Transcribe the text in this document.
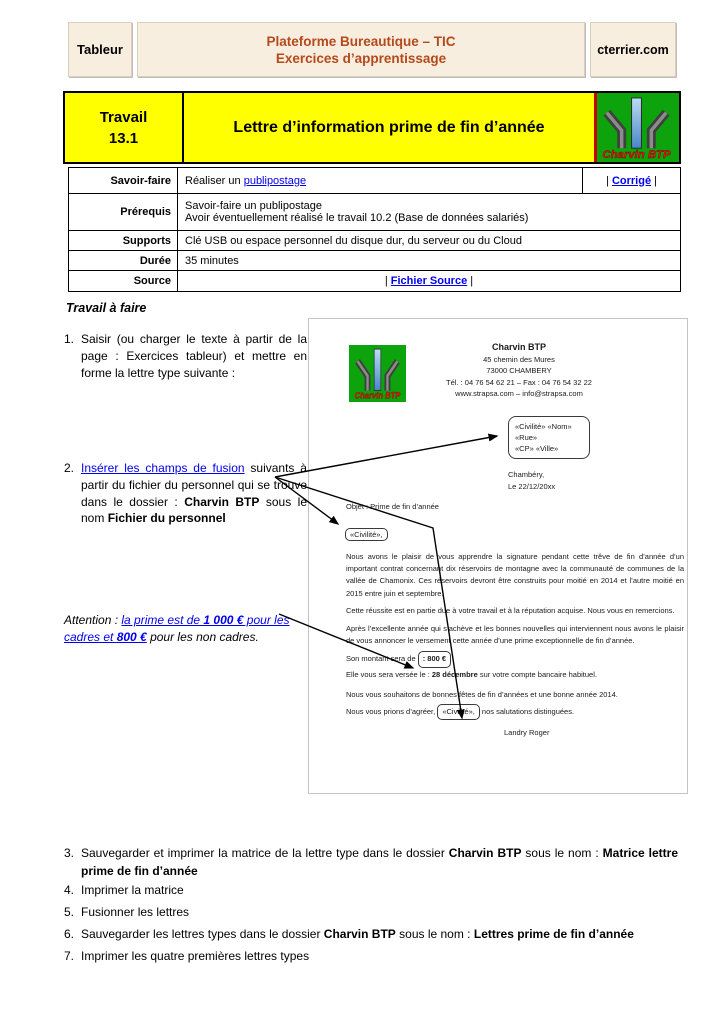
Tableur
Plateforme Bureautique – TIC
Exercices d’apprentissage
cterrier.com
Travail
13.1
Lettre d’information prime de fin d’année
Charvin BTP
Savoir-faire	Réaliser un publipostage	| Corrigé |
Prérequis	Savoir-faire un publipostage
Avoir éventuellement réalisé le travail 10.2 (Base de données salariés)	

Supports	Clé USB ou espace personnel du disque dur, du serveur ou du Cloud	
Durée	35 minutes	
Source	| Fichier Source |	
Travail à faire
1. Saisir (ou charger le texte à partir de la page : Exercices tableur) et mettre en forme la lettre type suivante :
2. Insérer les champs de fusion suivants à partir du fichier du personnel qui se trouve dans le dossier : Charvin BTP sous le nom Fichier du personnel
Attention : la prime est de 1 000 € pour les cadres et 800 € pour les non cadres.
Charvin BTP
Charvin BTP
45 chemin des Mures
73000 CHAMBERY
Tél. : 04 76 54 62 21 – Fax : 04 76 54 32 22
www.strapsa.com – info@strapsa.com
«Civilité» «Nom»
«Rue»
«CP» «Ville»
Chambéry,
Le 22/12/20xx
Objet : Prime de fin d’année
«Civilité»,

Nous avons le plaisir de vous apprendre la signature pendant cette trêve de fin d’année d’un important contrat concernant dix réservoirs de montagne avec la communauté de communes de la vallée de Chamonix. Ces réservoirs devront être construits pour moitié en 2014 et l’autre moitié en 2015 entre juin et septembre.

Cette réussite est en partie due à votre travail et à la réputation acquise. Nous vous en remercions.

Après l’excellente année qui s’achève et les bonnes nouvelles qui interviennent nous avons le plaisir de vous annoncer le versement cette année d’une prime exceptionnelle de fin d’année.

Son montant sera de : 800 €
Elle vous sera versée le : 28 décembre sur votre compte bancaire habituel.

Nous vous souhaitons de bonnes fêtes de fin d’années et une bonne année 2014.

Nous vous prions d’agréer, «Civilité», nos salutations distinguées.
Landry Roger
3. Sauvegarder et imprimer la matrice de la lettre type dans le dossier Charvin BTP sous le nom : Matrice lettre prime de fin d’année
4. Imprimer la matrice
5. Fusionner les lettres
6. Sauvegarder les lettres types dans le dossier Charvin BTP sous le nom : Lettres prime de fin d’année
7. Imprimer les quatre premières lettres types
